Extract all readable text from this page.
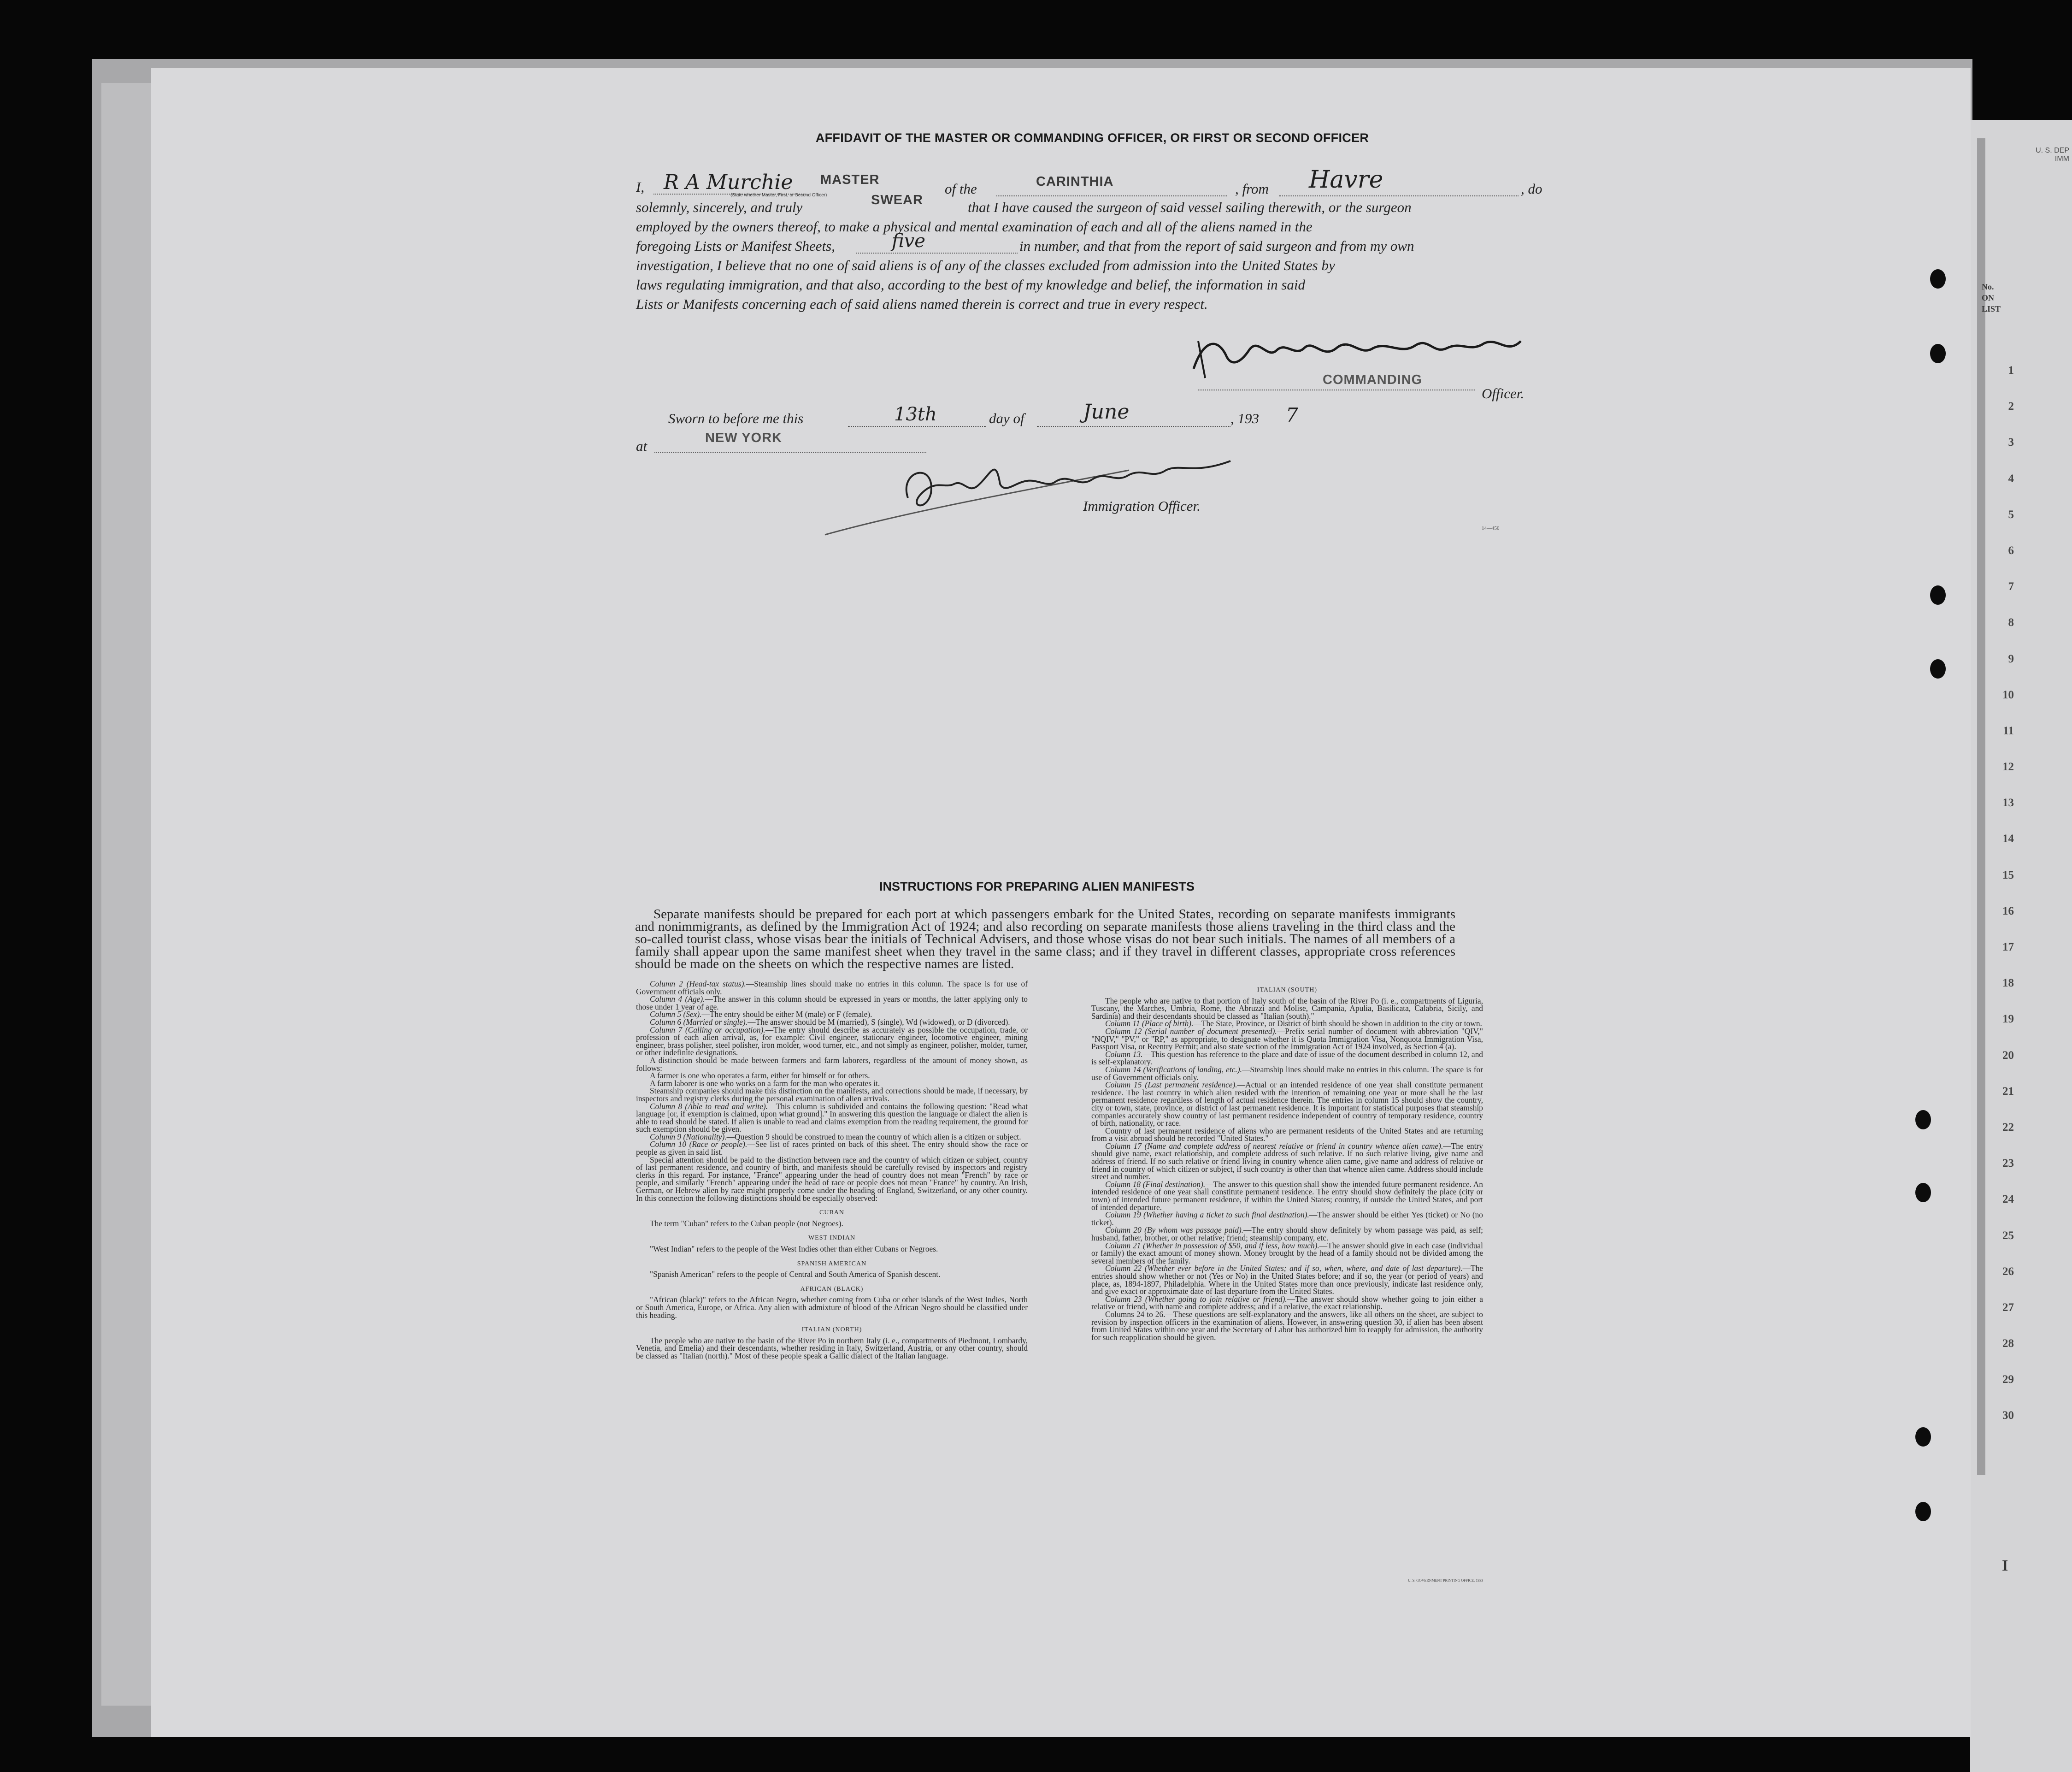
U. S. DEP
IMM
No.
ON
LIST
1
2
3
4
5
6
7
8
9
10
11
12
13
14
15
16
17
18
19
20
21
22
23
24
25
26
27
28
29
30
I
AFFIDAVIT OF THE MASTER OR COMMANDING OFFICER, OR FIRST OR SECOND OFFICER
I, R A Murchie MASTER
(State whether Master, First, or Second Officer)	of the	CARINTHIA	, from Havre	, do
solemnly, sincerely, and truly	SWEAR	that I have caused the surgeon of said vessel sailing therewith, or the surgeon
employed by the owners thereof, to make a physical and mental examination of each and all of the aliens named in the
foregoing Lists or Manifest Sheets,	five	in number, and that from the report of said surgeon and from my own
investigation, I believe that no one of said aliens is of any of the classes excluded from admission into the United States by
laws regulating immigration, and that also, according to the best of my knowledge and belief, the information in said
Lists or Manifests concerning each of said aliens named therein is correct and true in every respect.
COMMANDING
Officer.
Sworn to before me this	13th	day of	June	, 193 7
at	NEW YORK
Immigration Officer.
14—450
INSTRUCTIONS FOR PREPARING ALIEN MANIFESTS
Separate manifests should be prepared for each port at which passengers embark for the United States, recording on separate manifests immigrants and nonimmigrants, as defined by the Immigration Act of 1924; and also recording on separate manifests those aliens traveling in the third class and the so-called tourist class, whose visas bear the initials of Technical Advisers, and those whose visas do not bear such initials. The names of all members of a family shall appear upon the same manifest sheet when they travel in the same class; and if they travel in different classes, appropriate cross references should be made on the sheets on which the respective names are listed.

Column 2 (Head-tax status).—Steamship lines should make no entries in this column. The space is for use of Government officials only.

Column 4 (Age).—The answer in this column should be expressed in years or months, the latter applying only to those under 1 year of age.

Column 5 (Sex).—The entry should be either M (male) or F (female).

Column 6 (Married or single).—The answer should be M (married), S (single), Wd (widowed), or D (divorced).

Column 7 (Calling or occupation).—The entry should describe as accurately as possible the occupation, trade, or profession of each alien arrival, as, for example: Civil engineer, stationary engineer, locomotive engineer, mining engineer, brass polisher, steel polisher, iron molder, wood turner, etc., and not simply as engineer, polisher, molder, turner, or other indefinite designations.

A distinction should be made between farmers and farm laborers, regardless of the amount of money shown, as follows:

A farmer is one who operates a farm, either for himself or for others.

A farm laborer is one who works on a farm for the man who operates it.

Steamship companies should make this distinction on the manifests, and corrections should be made, if necessary, by inspectors and registry clerks during the personal examination of alien arrivals.

Column 8 (Able to read and write).—This column is subdivided and contains the following question: "Read what language [or, if exemption is claimed, upon what ground]." In answering this question the language or dialect the alien is able to read should be stated. If alien is unable to read and claims exemption from the reading requirement, the ground for such exemption should be given.

Column 9 (Nationality).—Question 9 should be construed to mean the country of which alien is a citizen or subject.

Column 10 (Race or people).—See list of races printed on back of this sheet. The entry should show the race or people as given in said list.

Special attention should be paid to the distinction between race and the country of which citizen or subject, country of last permanent residence, and country of birth, and manifests should be carefully revised by inspectors and registry clerks in this regard. For instance, "France" appearing under the head of country does not mean "French" by race or people, and similarly "French" appearing under the head of race or people does not mean "France" by country. An Irish, German, or Hebrew alien by race might properly come under the heading of England, Switzerland, or any other country. In this connection the following distinctions should be especially observed:

CUBAN

The term "Cuban" refers to the Cuban people (not Negroes).

WEST INDIAN

"West Indian" refers to the people of the West Indies other than either Cubans or Negroes.

SPANISH AMERICAN

"Spanish American" refers to the people of Central and South America of Spanish descent.

AFRICAN (BLACK)

"African (black)" refers to the African Negro, whether coming from Cuba or other islands of the West Indies, North or South America, Europe, or Africa. Any alien with admixture of blood of the African Negro should be classified under this heading.

ITALIAN (NORTH)

The people who are native to the basin of the River Po in northern Italy (i. e., compartments of Piedmont, Lombardy, Venetia, and Emelia) and their descendants, whether residing in Italy, Switzerland, Austria, or any other country, should be classed as "Italian (north)." Most of these people speak a Gallic dialect of the Italian language.

ITALIAN (SOUTH)

The people who are native to that portion of Italy south of the basin of the River Po (i. e., compartments of Liguria, Tuscany, the Marches, Umbria, Rome, the Abruzzi and Molise, Campania, Apulia, Basilicata, Calabria, Sicily, and Sardinia) and their descendants should be classed as "Italian (south)."

Column 11 (Place of birth).—The State, Province, or District of birth should be shown in addition to the city or town.

Column 12 (Serial number of document presented).—Prefix serial number of document with abbreviation "QIV," "NQIV," "PV," or "RP," as appropriate, to designate whether it is Quota Immigration Visa, Nonquota Immigration Visa, Passport Visa, or Reentry Permit; and also state section of the Immigration Act of 1924 involved, as Section 4 (a).

Column 13.—This question has reference to the place and date of issue of the document described in column 12, and is self-explanatory.

Column 14 (Verifications of landing, etc.).—Steamship lines should make no entries in this column. The space is for use of Government officials only.

Column 15 (Last permanent residence).—Actual or an intended residence of one year shall constitute permanent residence. The last country in which alien resided with the intention of remaining one year or more shall be the last permanent residence regardless of length of actual residence therein. The entries in column 15 should show the country, city or town, state, province, or district of last permanent residence. It is important for statistical purposes that steamship companies accurately show country of last permanent residence independent of country of temporary residence, country of birth, nationality, or race.

Country of last permanent residence of aliens who are permanent residents of the United States and are returning from a visit abroad should be recorded "United States."

Column 17 (Name and complete address of nearest relative or friend in country whence alien came).—The entry should give name, exact relationship, and complete address of such relative. If no such relative living, give name and address of friend. If no such relative or friend living in country whence alien came, give name and address of relative or friend in country of which citizen or subject, if such country is other than that whence alien came. Address should include street and number.

Column 18 (Final destination).—The answer to this question shall show the intended future permanent residence. An intended residence of one year shall constitute permanent residence. The entry should show definitely the place (city or town) of intended future permanent residence, if within the United States; country, if outside the United States, and port of intended departure.

Column 19 (Whether having a ticket to such final destination).—The answer should be either Yes (ticket) or No (no ticket).

Column 20 (By whom was passage paid).—The entry should show definitely by whom passage was paid, as self; husband, father, brother, or other relative; friend; steamship company, etc.

Column 21 (Whether in possession of $50, and if less, how much).—The answer should give in each case (individual or family) the exact amount of money shown. Money brought by the head of a family should not be divided among the several members of the family.

Column 22 (Whether ever before in the United States; and if so, when, where, and date of last departure).—The entries should show whether or not (Yes or No) in the United States before; and if so, the year (or period of years) and place, as, 1894-1897, Philadelphia. Where in the United States more than once previously, indicate last residence only, and give exact or approximate date of last departure from the United States.

Column 23 (Whether going to join relative or friend).—The answer should show whether going to join either a relative or friend, with name and complete address; and if a relative, the exact relationship.

Columns 24 to 26.—These questions are self-explanatory and the answers, like all others on the sheet, are subject to revision by inspection officers in the examination of aliens. However, in answering question 30, if alien has been absent from United States within one year and the Secretary of Labor has authorized him to reapply for admission, the authority for such reapplication should be given.

U. S. GOVERNMENT PRINTING OFFICE: 1933
